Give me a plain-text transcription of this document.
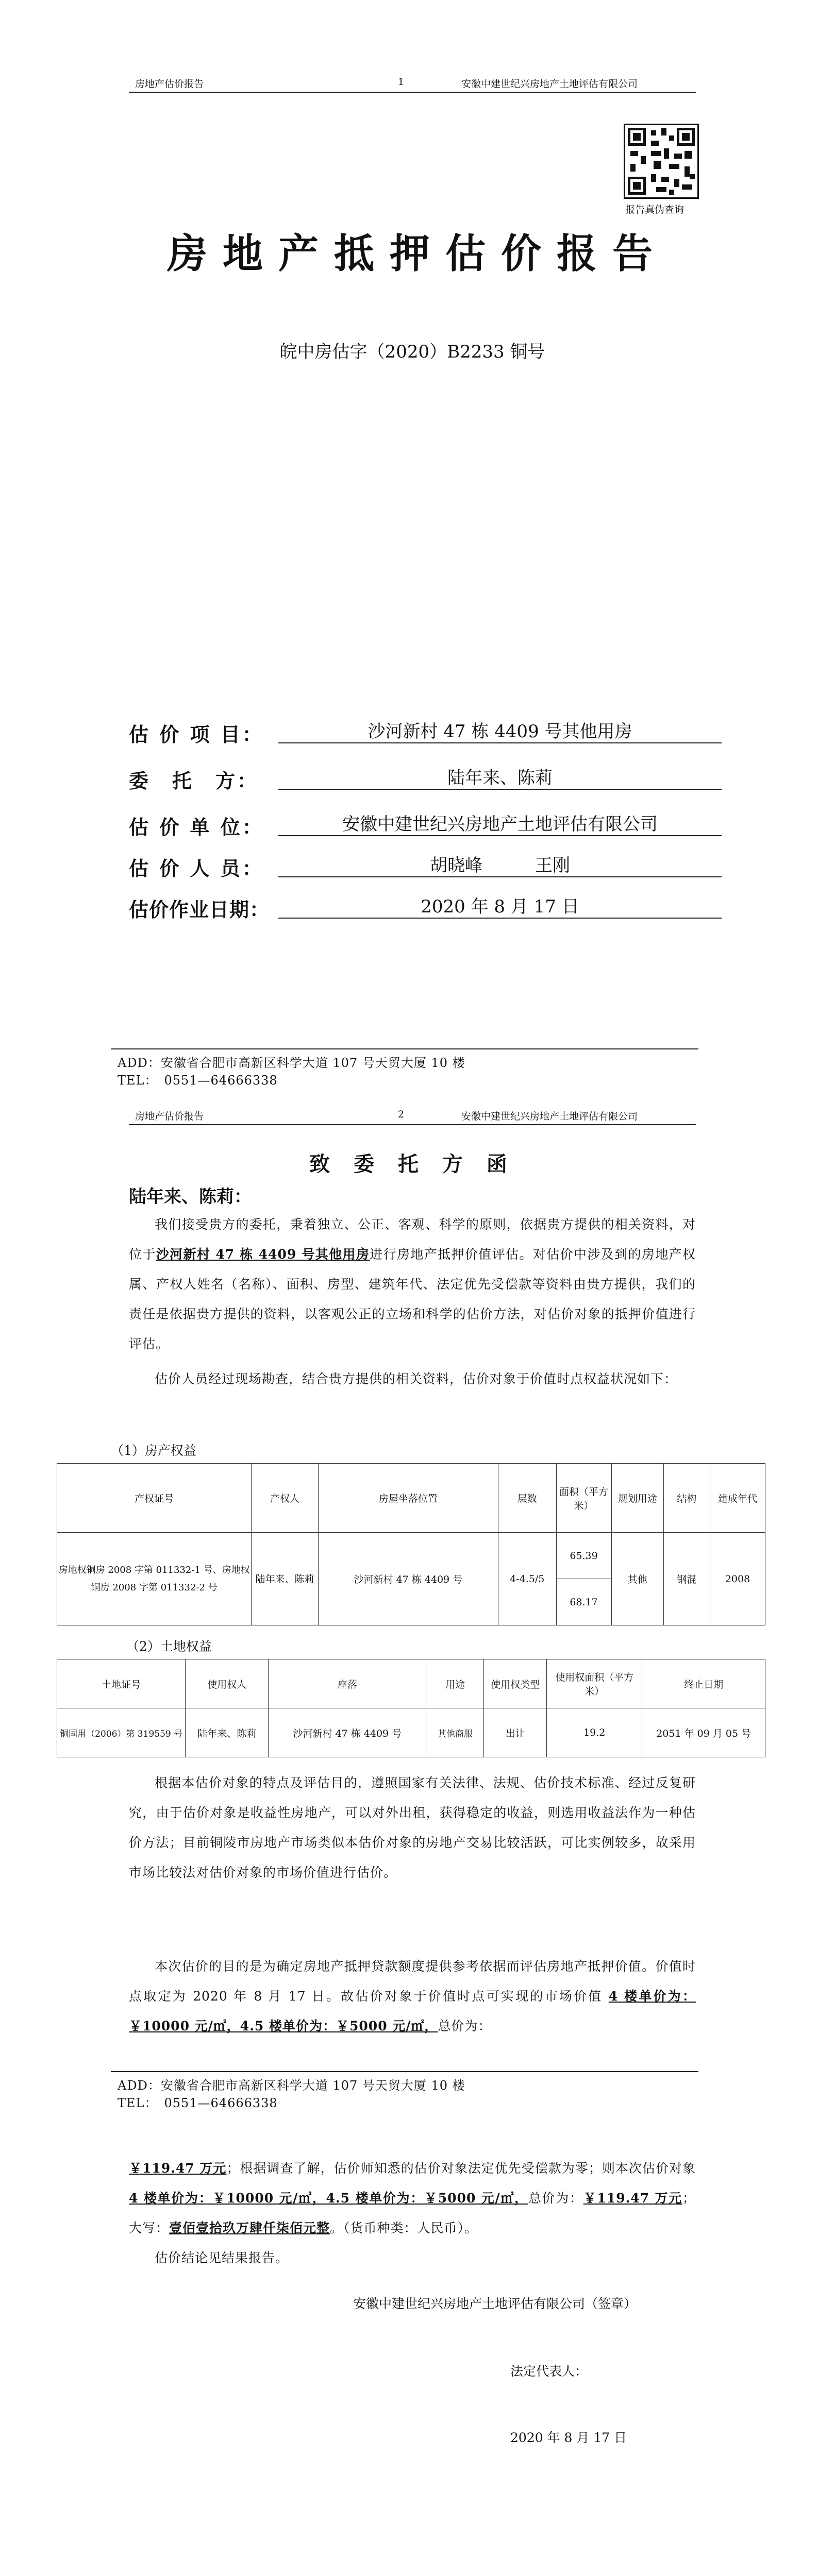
房地产估价报告	1	安徽中建世纪兴房地产土地评估有限公司
报告真伪查询
房地产抵押估价报告
皖中房估字（2020）B2233 铜号
估 价 项 目：	沙河新村 47 栋 4409 号其他用房
委　托　方：	陆年来、陈莉
估 价 单 位：	安徽中建世纪兴房地产土地评估有限公司
估 价 人 员：	胡晓峰　　　王刚
估价作业日期：	2020 年 8 月 17 日
ADD：安徽省合肥市高新区科学大道 107 号天贸大厦 10 楼
TEL：　0551—64666338
房地产估价报告	2	安徽中建世纪兴房地产土地评估有限公司
致 委 托 方 函
陆年来、陈莉：
我们接受贵方的委托，秉着独立、公正、客观、科学的原则，依据贵方提供的相关资料，对位于沙河新村 47 栋 4409 号其他用房进行房地产抵押价值评估。对估价中涉及到的房地产权属、产权人姓名（名称）、面积、房型、建筑年代、法定优先受偿款等资料由贵方提供，我们的责任是依据贵方提供的资料，以客观公正的立场和科学的估价方法，对估价对象的抵押价值进行评估。
估价人员经过现场勘查，结合贵方提供的相关资料，估价对象于价值时点权益状况如下：
（1）房产权益
产权证号	产权人	房屋坐落位置	层数	面积（平方米）	规划用途	结构	建成年代
房地权铜房 2008 字第 011332-1 号、房地权铜房 2008 字第 011332-2 号	陆年来、陈莉	沙河新村 47 栋 4409 号	4-4.5/5	65.39	其他	钢混	2008
				68.17			
（2）土地权益
土地证号	使用权人	座落	用途	使用权类型	使用权面积（平方米）	终止日期
铜国用（2006）第 319559 号	陆年来、陈莉	沙河新村 47 栋 4409 号	其他商服	出让	19.2	2051 年 09 月 05 号
根据本估价对象的特点及评估目的，遵照国家有关法律、法规、估价技术标准、经过反复研究，由于估价对象是收益性房地产，可以对外出租，获得稳定的收益，则选用收益法作为一种估价方法；目前铜陵市房地产市场类似本估价对象的房地产交易比较活跃，可比实例较多，故采用市场比较法对估价对象的市场价值进行估价。
本次估价的目的是为确定房地产抵押贷款额度提供参考依据而评估房地产抵押价值。价值时点取定为 2020 年 8 月 17 日。故估价对象于价值时点可实现的市场价值 4 楼单价为：￥10000 元/㎡，4.5 楼单价为：￥5000 元/㎡，总价为：
ADD：安徽省合肥市高新区科学大道 107 号天贸大厦 10 楼
TEL：　0551—64666338
￥119.47 万元；根据调查了解，估价师知悉的估价对象法定优先受偿款为零；则本次估价对象4 楼单价为：￥10000 元/㎡，4.5 楼单价为：￥5000 元/㎡，总价为：￥119.47 万元；大写：壹佰壹拾玖万肆仟柒佰元整。（货币种类：人民币）。
估价结论见结果报告。
安徽中建世纪兴房地产土地评估有限公司（签章）
法定代表人：
2020 年 8 月 17 日
